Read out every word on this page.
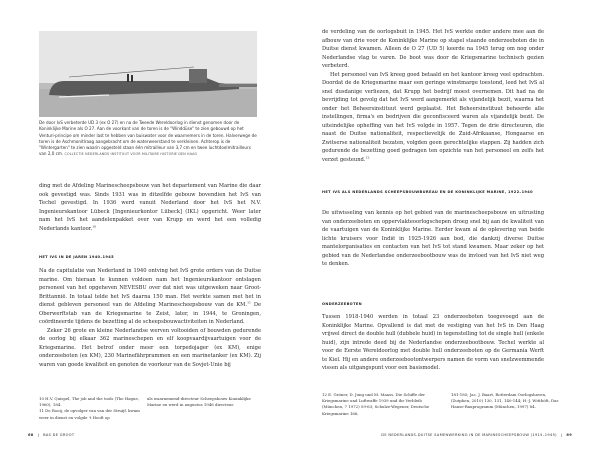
De door IvS verbeterde UD 3 (ex O 27) en na de Tweede Wereldoorlog in dienst genomen door de Koninklijke Marine als O 27. Aan de voorkant van de toren is de "Winddüse" te zien gebouwd op het Venturi-principe om minder last te hebben van buiswater voor de waarnemers in de toren. Halverwege de toren is de Aschmonitlraag aangebracht om de waterweerstand te verkleinen. Achterop is de "Wintergarten" te zien waarin opgesteld staan één mitrailleur van 3,7 cm en twee luchtdoelmitrailleurs van 2,0 cm. COLLECTIE NEDERLANDS INSTITUUT VOOR MILITAIRE HISTORIE DEN HAAG

ding met de Afdeling Marinescheepsbouw van het departement van Marine die daar ook gevestigd was. Sinds 1931 was in ditzelfde gebouw bovendien het IvS van Techel gevestigd. In 1936 werd vanuit Nederland door het IvS het N.V. Ingenieurskantoor Lübeck [Ingenieurkontor Lübeck] (IKL) opgericht. Weer later nam het IvS het aandelenpakket over van Krupp en werd het een volledig Nederlands kantoor.$^{10}$

HET IVS IN DE JAREN 1940–1945

Na de capitulatie van Nederland in 1940 ontving het IvS grote orders van de Duitse marine. Om hieraan te kunnen voldoen nam het Ingenieurskantoor ontslagen personeel van het opgeheven NEVESBU over dat niet was uitgeweken naar Groot-Brittannië. In totaal telde het IvS daarna 150 man. Het werkte samen met het in dienst gebleven personeel van de Afdeling Marinescheepsbouw van de KM.$^{11}$ De Oberwerftstab van de Kriegsmarine te Zeist, later, in 1944, te Groningen, coördineerde tijdens de bezetting al de scheepsbouwactiviteiten in Nederland.

Zeker 26 grote en kleine Nederlandse werven voltooiden of bouwden gedurende de oorlog bij elkaar 362 marineschepen en elf koopvaardijvaartuigen voor de Kriegsmarine. Het betrof onder meer een torpedojager (ex KM), enige onderzeeboten (ex KM), 230 Marinefährprammen en een marinetanker (ex KM). Zij waren van goede kwaliteit en genoten de voorkeur van de Sovjet-Unie bij

10 H.V. Quispel, The job and the tools (The Hague, 1960), 184.

11 De Rooij, de opvolger van van der Struijf, kwam weer in dienst en volgde 't Hooft op

als waarnemend-directeur Scheepsbouw Koninklijke Marine en werd in augustus 1946 directeur.

68 | BAS DE GROOT

de verdeling van de oorlogsbuit in 1945. Het IvS werkte onder andere mee aan de afbouw van drie voor de Koninklijke Marine op stapel staande onderzeeboten die in Duitse dienst kwamen. Alleen de O 27 (UD 5) keerde na 1945 terug om nog onder Nederlandse vlag te varen. De boot was door de Kriegsmarine technisch gezien verbeterd.

Het personeel van IvS kreeg goed betaald en het kantoor kreeg veel opdrachten. Doordat de de Kriegsmarine maar een geringe winstmarge toestond, leed het IvS al snel dusdanige verliezen, dat Krupp het bedrijf moest overnemen. Dit had na de bevrijding tot gevolg dat het IvS werd aangemerkt als vijandelijk bezit, waarna het onder het Beheersinstituut werd geplaatst. Het Beheersinstituut beheerde alle instellingen, firma's en bedrijven die geconfisceerd waren als vijandelijk bezit. De uiteindelijke opheffing van het IvS volgde in 1957. Tegen de drie directeuren, die naast de Duitse nationaliteit, respectievelijk de Zuid-Afrikaanse, Hongaarse en Zwitserse nationaliteit bezaten, volgden geen gerechtelijke stappen. Zij hadden zich gedurende de bezetting goed gedragen ten opzichte van het personeel en zelfs het verzet gesteund.$^{12}$

HET IVS ALS NEDERLANDS SCHEEPSBOUWBUREAU EN DE KONINKLIJKE MARINE, 1922–1940

De uitwisseling van kennis op het gebied van de marinescheepsbouw en uitrusting van onderzeeboten en oppervlakteoorlogschepen droeg snel bij aan de kwaliteit van de vaartuigen van de Koninklijke Marine. Eerder kwam al de oplevering van beide lichte kruisers voor Indië in 1925-1926 aan bod, die dankzij diverse Duitse mantelorganisaties en contacten van het IvS tot stand kwamen. Maar zeker op het gebied van de Nederlandse onderzeebootbouw was de invloed van het IvS niet weg te denken.

ONDERZEEBOTEN

Tussen 1918-1940 werden in totaal 23 onderzeeboten toegevoegd aan de Koninklijke Marine. Opvallend is dat met de vestiging van het IvS in Den Haag vrijwel direct de double hull (dubbele huid) in tegenstelling tot de single hull (enkele huid), zijn intrede deed bij de Nederlandse onderzeebootbouw. Techel werkte al voor de Eerste Wereldoorlog met double hull onderzeeboten op de Germania Werft te Kiel. Hij en andere onderzeebootontwerpers namen de vorm van snelzwemmende vissen als uitgangspunt voor een basismodel.

12 E. Gröner, D. Jung und M. Maass, Die Schiffe der Kriegsmarine und Luftwaffe 1939 und ihr Verbleib (München, 7 1972) 59-63; Schulze-Wegener, Deutsche Kriegsmarine 166,

181-185; Jac. J. Baart, Rotterdam Oorlogshaven, (Zutphen, 2010) 130, 131, 140-144; H.-J. Witthöft, Das Hanse-Bauprogramm (München, 1997) 84.

DE NEDERLANDS-DUITSE SAMENWERKING IN DE MARINESCHEEPSBOUW (1915–1945) | 69
